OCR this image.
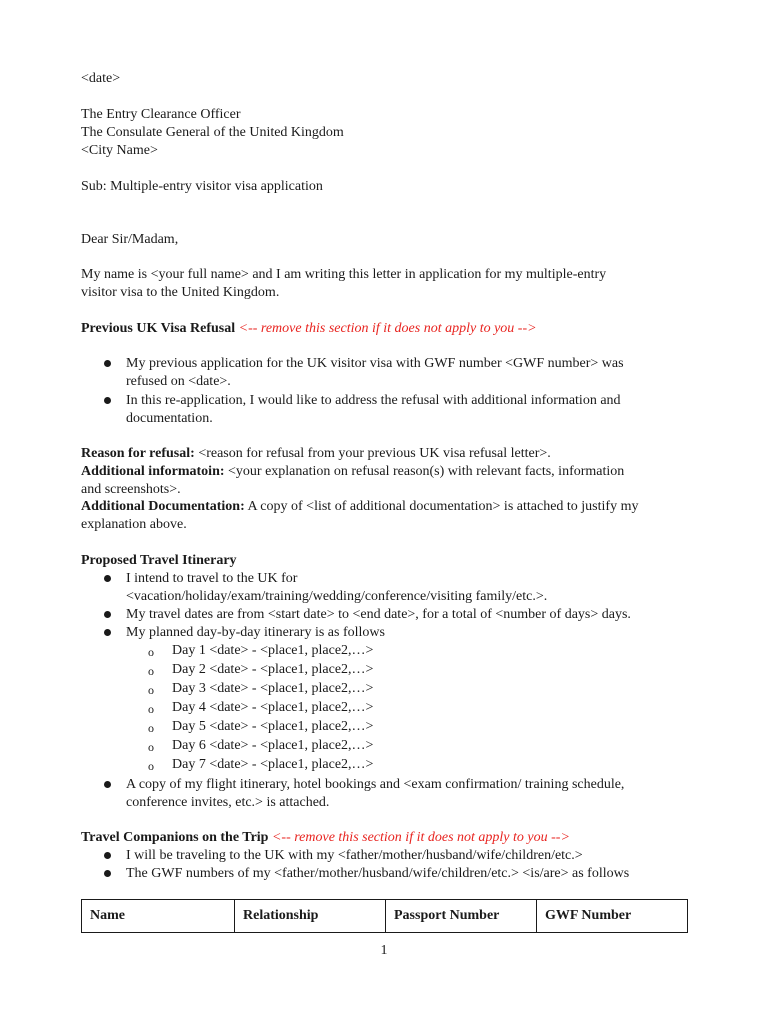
<date>
The Entry Clearance Officer
The Consulate General of the United Kingdom
<City Name>
Sub: Multiple-entry visitor visa application
Dear Sir/Madam,
My name is <your full name> and I am writing this letter in application for my multiple-entry
visitor visa to the United Kingdom.
Previous UK Visa Refusal <-- remove this section if it does not apply to you -->
My previous application for the UK visitor visa with GWF number <GWF number> was
refused on <date>.
In this re-application, I would like to address the refusal with additional information and
documentation.
Reason for refusal: <reason for refusal from your previous UK visa refusal letter>.
Additional informatoin: <your explanation on refusal reason(s) with relevant facts, information
and screenshots>.
Additional Documentation: A copy of <list of additional documentation> is attached to justify my
explanation above.
Proposed Travel Itinerary
I intend to travel to the UK for
<vacation/holiday/exam/training/wedding/conference/visiting family/etc.>.
My travel dates are from <start date> to <end date>, for a total of <number of days> days.
My planned day-by-day itinerary is as follows
o Day 1 <date> - <place1, place2,…>
o Day 2 <date> - <place1, place2,…>
o Day 3 <date> - <place1, place2,…>
o Day 4 <date> - <place1, place2,…>
o Day 5 <date> - <place1, place2,…>
o Day 6 <date> - <place1, place2,…>
o Day 7 <date> - <place1, place2,…>
A copy of my flight itinerary, hotel bookings and <exam confirmation/ training schedule,
conference invites, etc.> is attached.
Travel Companions on the Trip <-- remove this section if it does not apply to you -->
I will be traveling to the UK with my <father/mother/husband/wife/children/etc.>
The GWF numbers of my <father/mother/husband/wife/children/etc.> <is/are> as follows
Name	Relationship	Passport Number	GWF Number
1
